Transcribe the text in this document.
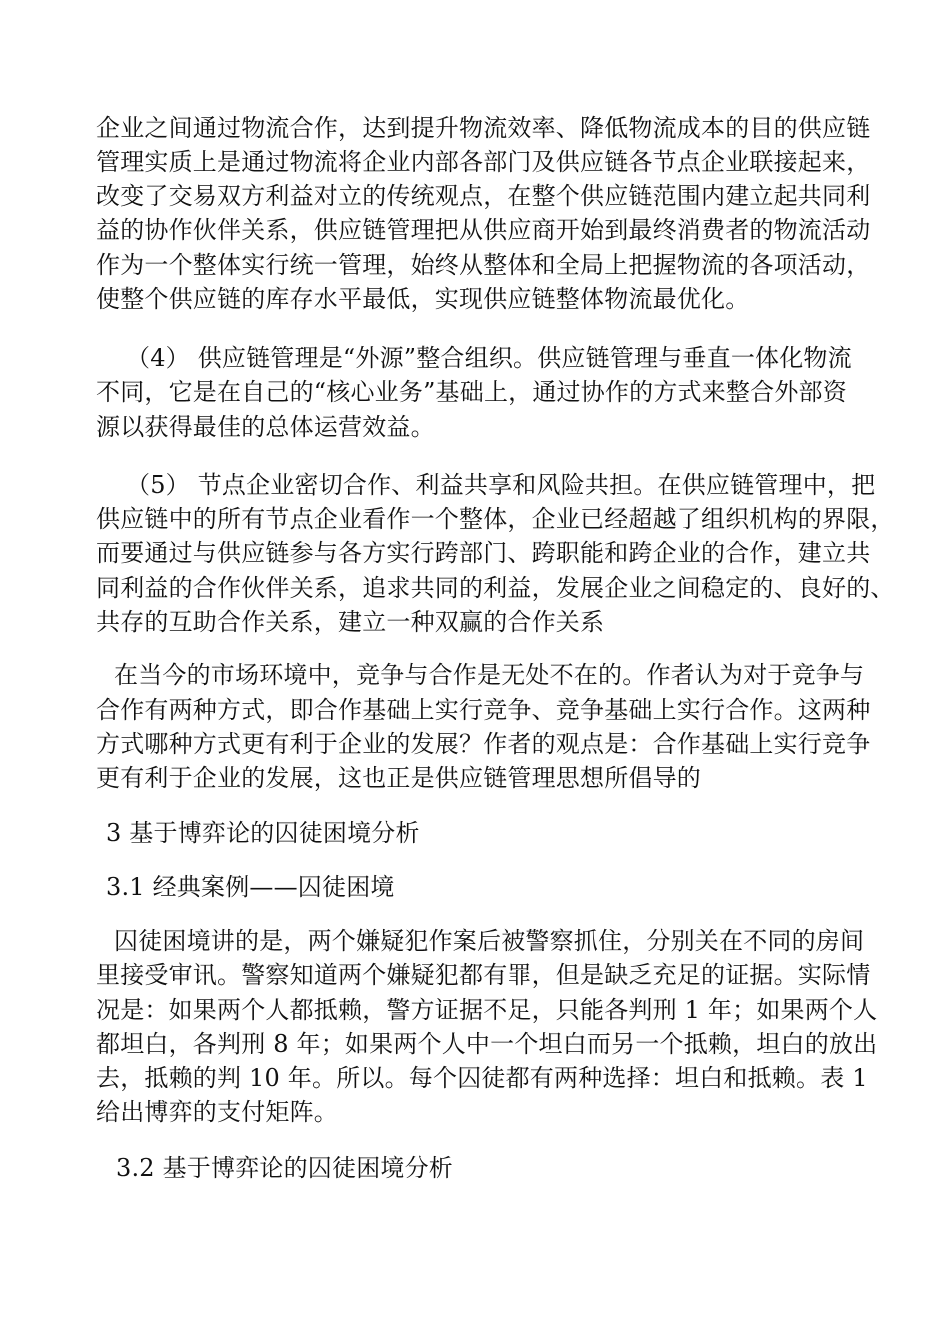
企业之间通过物流合作，达到提升物流效率、降低物流成本的目的供应链
管理实质上是通过物流将企业内部各部门及供应链各节点企业联接起来，
改变了交易双方利益对立的传统观点，在整个供应链范围内建立起共同利
益的协作伙伴关系，供应链管理把从供应商开始到最终消费者的物流活动
作为一个整体实行统一管理，始终从整体和全局上把握物流的各项活动，
使整个供应链的库存水平最低，实现供应链整体物流最优化。
（4） 供应链管理是“外源”整合组织。供应链管理与垂直一体化物流
不同，它是在自己的“核心业务”基础上，通过协作的方式来整合外部资
源以获得最佳的总体运营效益。
（5） 节点企业密切合作、利益共享和风险共担。在供应链管理中，把
供应链中的所有节点企业看作一个整体，企业已经超越了组织机构的界限，
而要通过与供应链参与各方实行跨部门、跨职能和跨企业的合作，建立共
同利益的合作伙伴关系，追求共同的利益，发展企业之间稳定的、良好的、
共存的互助合作关系，建立一种双赢的合作关系
在当今的市场环境中，竞争与合作是无处不在的。作者认为对于竞争与
合作有两种方式，即合作基础上实行竞争、竞争基础上实行合作。这两种
方式哪种方式更有利于企业的发展？作者的观点是：合作基础上实行竞争
更有利于企业的发展，这也正是供应链管理思想所倡导的
3 基于博弈论的囚徒困境分析
3.1 经典案例——囚徒困境
囚徒困境讲的是，两个嫌疑犯作案后被警察抓住，分别关在不同的房间
里接受审讯。警察知道两个嫌疑犯都有罪，但是缺乏充足的证据。实际情
况是：如果两个人都抵赖，警方证据不足，只能各判刑 1 年；如果两个人
都坦白，各判刑 8 年；如果两个人中一个坦白而另一个抵赖，坦白的放出
去，抵赖的判 10 年。所以。每个囚徒都有两种选择：坦白和抵赖。表 1
给出博弈的支付矩阵。
3.2 基于博弈论的囚徒困境分析
